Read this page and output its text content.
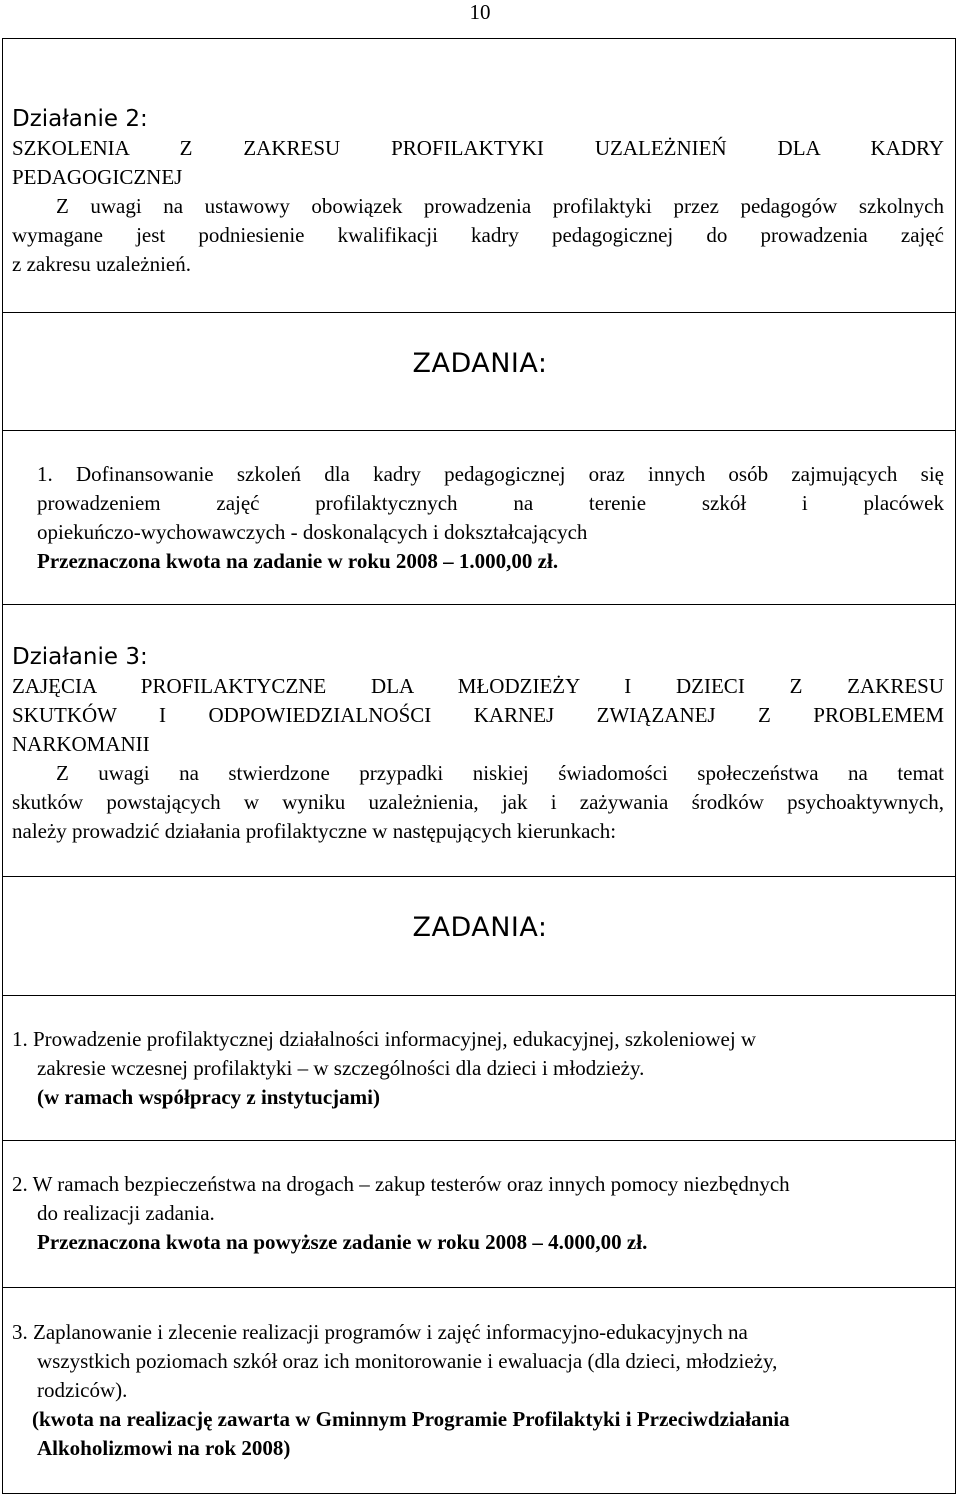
10
Działanie 2:
SZKOLENIA Z ZAKRESU PROFILAKTYKI UZALEŻNIEŃ DLA KADRY
PEDAGOGICZNEJ
Z uwagi na ustawowy obowiązek prowadzenia profilaktyki przez pedagogów szkolnych
wymagane jest podniesienie kwalifikacji kadry pedagogicznej do prowadzenia zajęć
z zakresu uzależnień.
ZADANIA:
1. Dofinansowanie szkoleń dla kadry pedagogicznej oraz innych osób zajmujących się
prowadzeniem zajęć profilaktycznych na terenie szkół i placówek
opiekuńczo-wychowawczych - doskonalących i dokształcających
Przeznaczona kwota na zadanie w roku 2008 – 1.000,00 zł.
Działanie 3:
ZAJĘCIA PROFILAKTYCZNE DLA MŁODZIEŻY I DZIECI Z ZAKRESU
SKUTKÓW I ODPOWIEDZIALNOŚCI KARNEJ ZWIĄZANEJ Z PROBLEMEM
NARKOMANII
Z uwagi na stwierdzone przypadki niskiej świadomości społeczeństwa na temat
skutków powstających w wyniku uzależnienia, jak i zażywania środków psychoaktywnych,
należy prowadzić działania profilaktyczne w następujących kierunkach:
ZADANIA:
1. Prowadzenie profilaktycznej działalności informacyjnej, edukacyjnej, szkoleniowej w
zakresie wczesnej profilaktyki – w szczególności dla dzieci i młodzieży.
(w ramach współpracy z instytucjami)
2. W ramach bezpieczeństwa na drogach – zakup testerów oraz innych pomocy niezbędnych
do realizacji zadania.
Przeznaczona kwota na powyższe zadanie w roku 2008 – 4.000,00 zł.
3. Zaplanowanie i zlecenie realizacji programów i zajęć informacyjno-edukacyjnych na
wszystkich poziomach szkół oraz ich monitorowanie i ewaluacja (dla dzieci, młodzieży,
rodziców).
(kwota na realizację zawarta w Gminnym Programie Profilaktyki i Przeciwdziałania
Alkoholizmowi na rok 2008)
